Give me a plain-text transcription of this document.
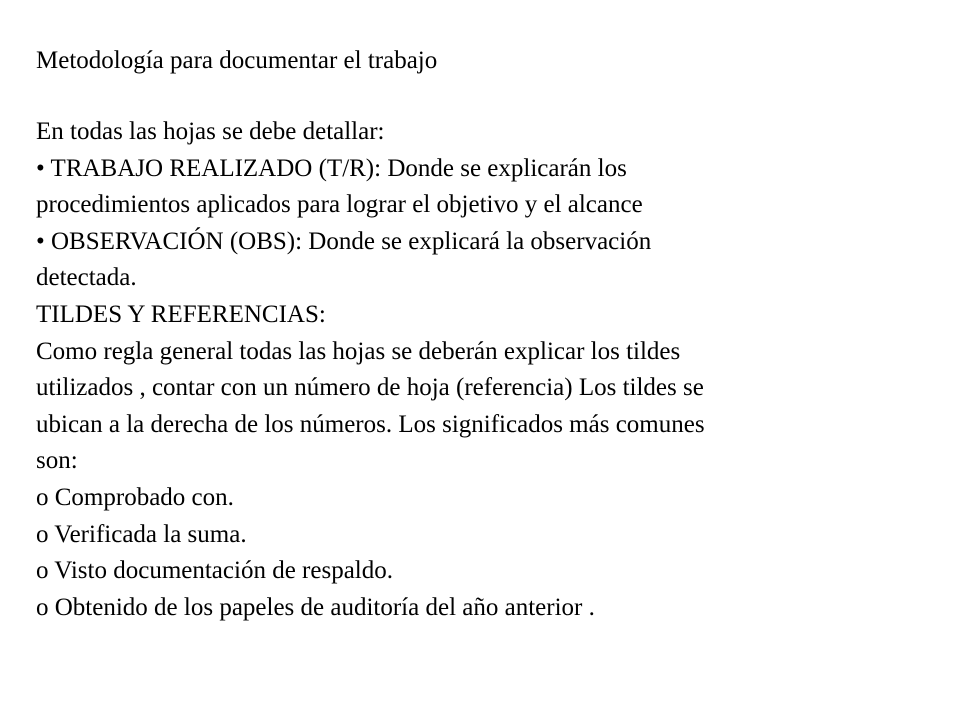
Metodología para documentar el trabajo
En todas las hojas se debe detallar:
• TRABAJO REALIZADO (T/R): Donde se explicarán los
procedimientos aplicados para lograr el objetivo y el alcance
• OBSERVACIÓN (OBS): Donde se explicará la observación
detectada.
TILDES Y REFERENCIAS:
Como regla general todas las hojas se deberán explicar los tildes
utilizados , contar con un número de hoja (referencia) Los tildes se
ubican a la derecha de los números. Los significados más comunes
son:
o Comprobado con.
o Verificada la suma.
o Visto documentación de respaldo.
o Obtenido de los papeles de auditoría del año anterior .
